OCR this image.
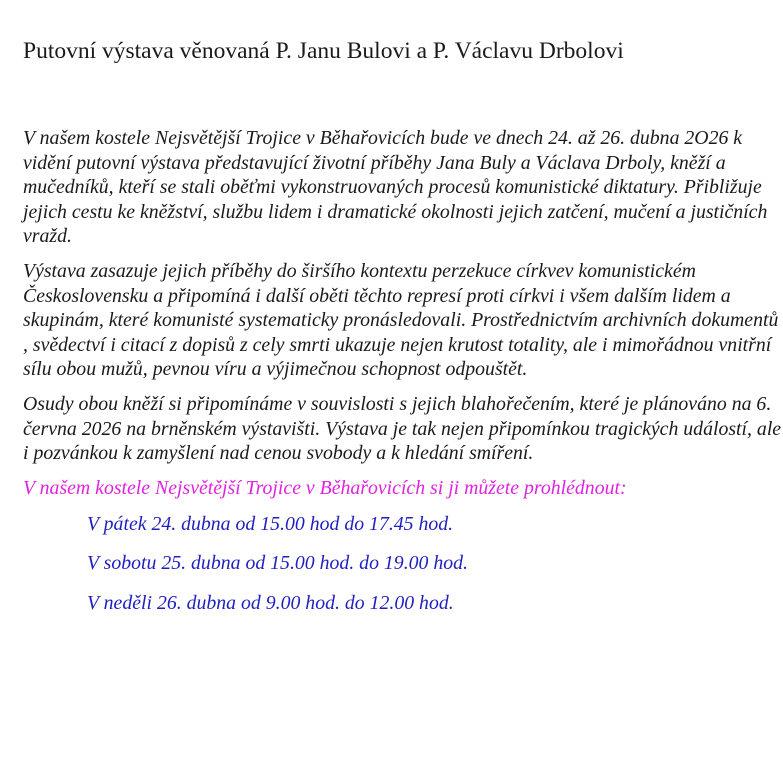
Putovní výstava věnovaná P. Janu Bulovi a P. Václavu Drbolovi

V našem kostele Nejsvětější Trojice v Běhařovicích bude ve dnech 24. až 26. dubna 2O26 k vidění putovní výstava představující životní příběhy Jana Buly a Václava Drboly, kněží a mučedníků, kteří se stali oběťmi vykonstruovaných procesů komunistické diktatury. Přibližuje jejich cestu ke kněžství, službu lidem i dramatické okolnosti jejich zatčení, mučení a justičních vražd.

Výstava zasazuje jejich příběhy do širšího kontextu perzekuce církvev komunistickém Československu a připomíná i další oběti těchto represí proti církvi i všem dalším lidem a skupinám, které komunisté systematicky pronásledovali. Prostřednictvím archivních dokumentů , svědectví i citací z dopisů z cely smrti ukazuje nejen krutost totality, ale i mimořádnou vnitřní sílu obou mužů, pevnou víru a výjimečnou schopnost odpouštět.

Osudy obou kněží si připomínáme v souvislosti s jejich blahořečením, které je plánováno na 6. června 2026 na brněnském výstavišti. Výstava je tak nejen připomínkou tragických událostí, ale i pozvánkou k zamyšlení nad cenou svobody a k hledání smíření.

V našem kostele Nejsvětější Trojice v Běhařovicích si ji můžete prohlédnout:

V pátek 24. dubna od 15.00 hod do 17.45 hod.
V sobotu 25. dubna od 15.00 hod. do 19.00 hod.
V neděli 26. dubna od 9.00 hod. do 12.00 hod.
